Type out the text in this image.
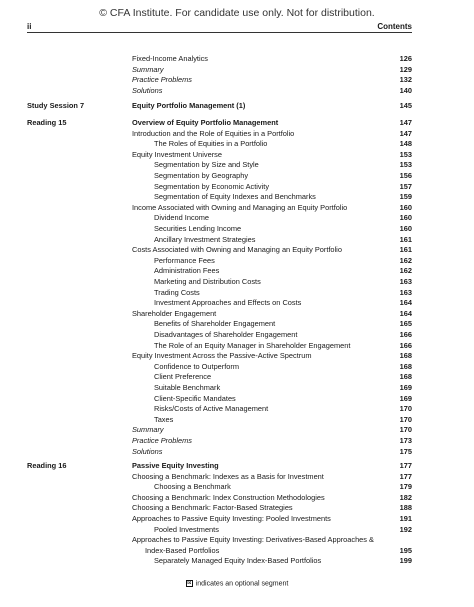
© CFA Institute. For candidate use only. Not for distribution.
ii	Contents
Fixed-Income Analytics	126
Summary	129
Practice Problems	132
Solutions	140
Study Session 7	Equity Portfolio Management (1)	145
Reading 15	Overview of Equity Portfolio Management	147
Introduction and the Role of Equities in a Portfolio	147
The Roles of Equities in a Portfolio	148
Equity Investment Universe	153
Segmentation by Size and Style	153
Segmentation by Geography	156
Segmentation by Economic Activity	157
Segmentation of Equity Indexes and Benchmarks	159
Income Associated with Owning and Managing an Equity Portfolio	160
Dividend Income	160
Securities Lending Income	160
Ancillary Investment Strategies	161
Costs Associated with Owning and Managing an Equity Portfolio	161
Performance Fees	162
Administration Fees	162
Marketing and Distribution Costs	163
Trading Costs	163
Investment Approaches and Effects on Costs	164
Shareholder Engagement	164
Benefits of Shareholder Engagement	165
Disadvantages of Shareholder Engagement	166
The Role of an Equity Manager in Shareholder Engagement	166
Equity Investment Across the Passive-Active Spectrum	168
Confidence to Outperform	168
Client Preference	168
Suitable Benchmark	169
Client-Specific Mandates	169
Risks/Costs of Active Management	170
Taxes	170
Summary	170
Practice Problems	173
Solutions	175
Reading 16	Passive Equity Investing	177
Choosing a Benchmark: Indexes as a Basis for Investment	177
Choosing a Benchmark	179
Choosing a Benchmark: Index Construction Methodologies	182
Choosing a Benchmark: Factor-Based Strategies	188
Approaches to Passive Equity Investing: Pooled Investments	191
Pooled Investments	192
Approaches to Passive Equity Investing: Derivatives-Based Approaches &
Index-Based Portfolios	195
Separately Managed Equity Index-Based Portfolios	199
⊠ indicates an optional segment
